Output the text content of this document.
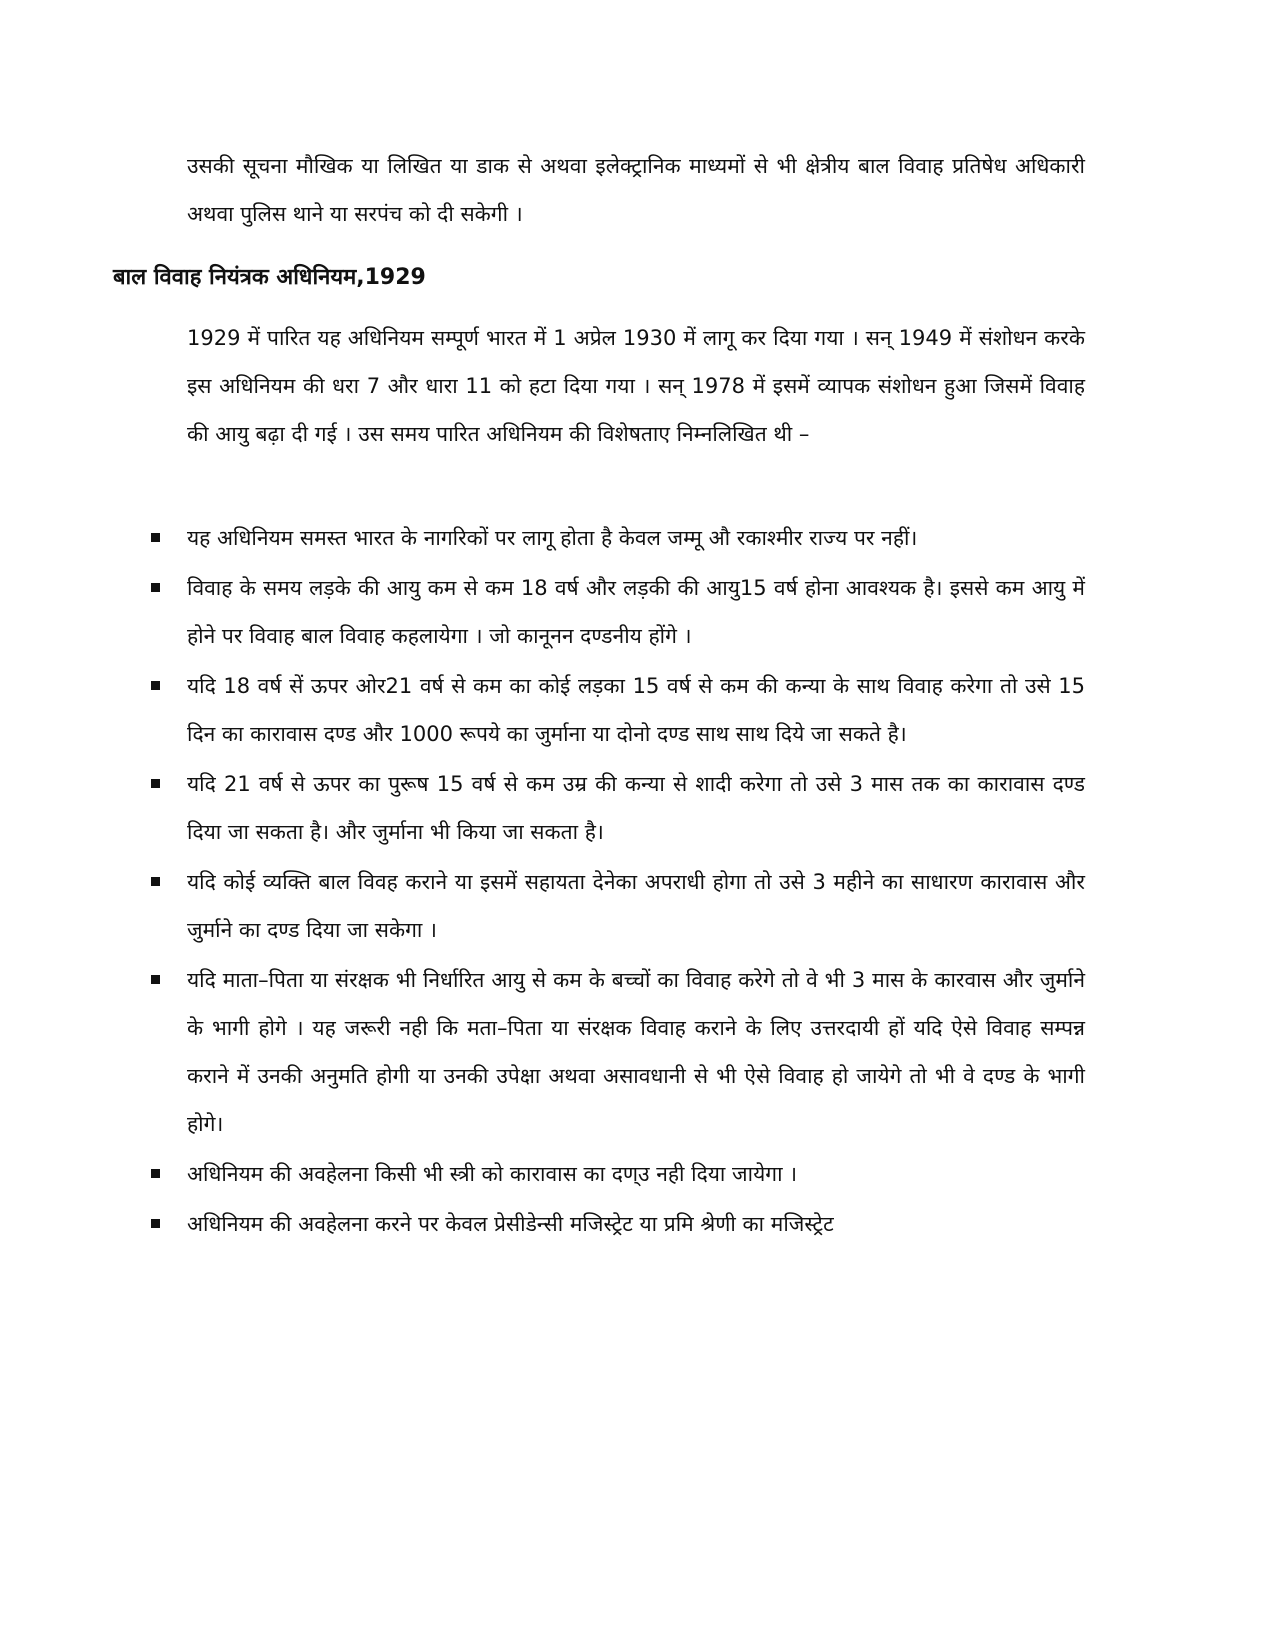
उसकी सूचना मौखिक या लिखित या डाक से अथवा इलेक्ट्रानिक माध्यमों से भी क्षेत्रीय बाल विवाह प्रतिषेध अधिकारी अथवा पुलिस थाने या सरपंच को दी सकेगी ।

बाल विवाह नियंत्रक अधिनियम,1929

1929 में पारित यह अधिनियम सम्पूर्ण भारत में 1 अप्रेल 1930 में लागू कर दिया गया । सन् 1949 में संशोधन करके इस अधिनियम की धरा 7 और धारा 11 को हटा दिया गया । सन् 1978 में इसमें व्यापक संशोधन हुआ जिसमें विवाह की आयु बढ़ा दी गई । उस समय पारित अधिनियम की विशेषताए निम्नलिखित थी –

यह अधिनियम समस्त भारत के नागरिकों पर लागू होता है केवल जम्मू औ रकाश्मीर राज्य पर नहीं।
विवाह के समय लड़के की आयु कम से कम 18 वर्ष और लड़की की आयु15 वर्ष होना आवश्यक है। इससे कम आयु में होने पर विवाह बाल विवाह कहलायेगा । जो कानूनन दण्डनीय होंगे ।
यदि 18 वर्ष सें ऊपर ओर21 वर्ष से कम का कोई लड़का 15 वर्ष से कम की कन्या के साथ विवाह करेगा तो उसे 15 दिन का कारावास दण्ड और 1000 रूपये का जुर्माना या दोनो दण्ड साथ साथ दिये जा सकते है।
यदि 21 वर्ष से ऊपर का पुरूष 15 वर्ष से कम उम्र की कन्या से शादी करेगा तो उसे 3 मास तक का कारावास दण्ड दिया जा सकता है। और जुर्माना भी किया जा सकता है।
यदि कोई व्यक्ति बाल विवह कराने या इसमें सहायता देनेका अपराधी होगा तो उसे 3 महीने का साधारण कारावास और जुर्माने का दण्ड दिया जा सकेगा ।
यदि माता–पिता या संरक्षक भी निर्धारित आयु से कम के बच्चों का विवाह करेगे तो वे भी 3 मास के कारवास और जुर्माने के भागी होगे । यह जरूरी नही कि मता–पिता या संरक्षक विवाह कराने के लिए उत्तरदायी हों यदि ऐसे विवाह सम्पन्न कराने में उनकी अनुमति होगी या उनकी उपेक्षा अथवा असावधानी से भी ऐसे विवाह हो जायेगे तो भी वे दण्ड के भागी होगे।
अधिनियम की अवहेलना किसी भी स्त्री को कारावास का दण्उ नही दिया जायेगा ।
अधिनियम की अवहेलना करने पर केवल प्रेसीडेन्सी मजिस्ट्रेट या प्रमि श्रेणी का मजिस्ट्रेट
